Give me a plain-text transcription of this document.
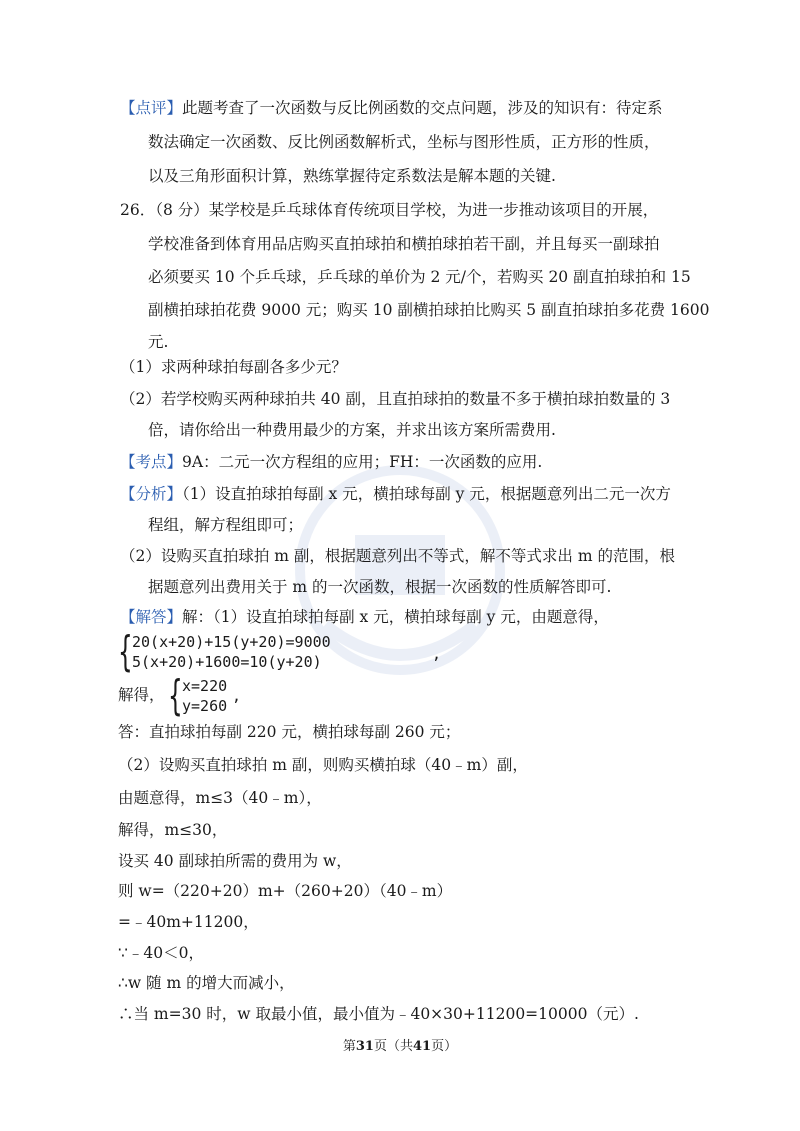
【点评】此题考查了一次函数与反比例函数的交点问题，涉及的知识有：待定系
数法确定一次函数、反比例函数解析式，坐标与图形性质，正方形的性质，
以及三角形面积计算，熟练掌握待定系数法是解本题的关键.
26．（8 分）某学校是乒乓球体育传统项目学校，为进一步推动该项目的开展，
学校准备到体育用品店购买直拍球拍和横拍球拍若干副，并且每买一副球拍
必须要买 10 个乒乓球，乒乓球的单价为 2 元/个，若购买 20 副直拍球拍和 15
副横拍球拍花费 9000 元；购买 10 副横拍球拍比购买 5 副直拍球拍多花费 1600
元.
（1）求两种球拍每副各多少元？
（2）若学校购买两种球拍共 40 副，且直拍球拍的数量不多于横拍球拍数量的 3
倍，请你给出一种费用最少的方案，并求出该方案所需费用.
【考点】9A：二元一次方程组的应用；FH：一次函数的应用.
【分析】（1）设直拍球拍每副 x 元，横拍球每副 y 元，根据题意列出二元一次方
程组，解方程组即可；
（2）设购买直拍球拍 m 副，根据题意列出不等式，解不等式求出 m 的范围，根
据题意列出费用关于 m 的一次函数，根据一次函数的性质解答即可.
【解答】解：（1）设直拍球拍每副 x 元，横拍球每副 y 元，由题意得，
{ 20(x+20)+15(y+20)=9000
5(x+20)+1600=10(y+20)	,
解得， { x=220
y=260
,
答：直拍球拍每副 220 元，横拍球每副 260 元；
（2）设购买直拍球拍 m 副，则购买横拍球（40﹣m）副，
由题意得，m≤3（40﹣m），
解得，m≤30，
设买 40 副球拍所需的费用为 w，
则 w=（220+20）m+（260+20）（40﹣m）
=﹣40m+11200，
∵﹣40＜0，
∴w 随 m 的增大而减小，
∴当 m=30 时，w 取最小值，最小值为﹣40×30+11200=10000（元）.
第31页（共41页）
